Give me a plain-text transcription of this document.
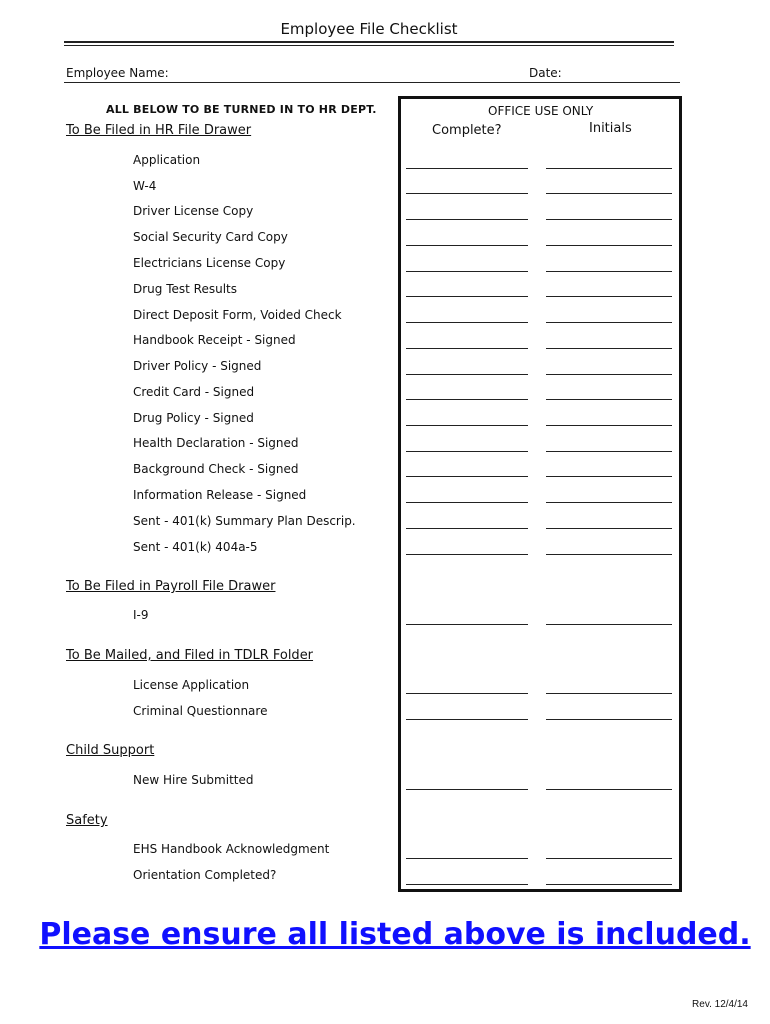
Employee File Checklist
Employee Name:	Date:
ALL BELOW TO BE TURNED IN TO HR DEPT.	OFFICE USE ONLY
Complete?	Initials
To Be Filed in HR File Drawer
Application
W-4
Driver License Copy
Social Security Card Copy
Electricians License Copy
Drug Test Results
Direct Deposit Form, Voided Check
Handbook Receipt - Signed
Driver Policy - Signed
Credit Card - Signed
Drug Policy - Signed
Health Declaration - Signed
Background Check - Signed
Information Release - Signed
Sent - 401(k) Summary Plan Descrip.
Sent - 401(k) 404a-5
To Be Filed in Payroll File Drawer
I-9
To Be Mailed, and Filed in TDLR Folder
License Application
Criminal Questionnare
Child Support
New Hire Submitted
Safety
EHS Handbook Acknowledgment
Orientation Completed?
Please ensure all listed above is included.
Rev. 12/4/14
